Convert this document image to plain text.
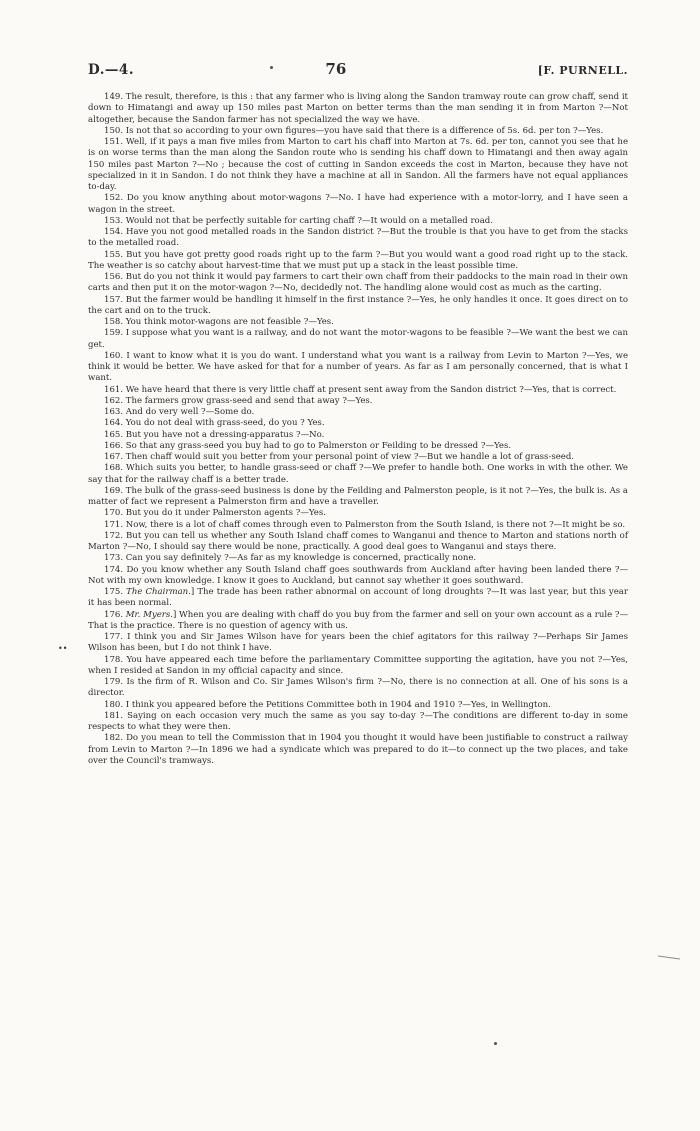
••
D.—4.	76	[F. PURNELL.

149. The result, therefore, is this : that any farmer who is living along the Sandon tramway route can grow chaff, send it down to Himatangi and away up 150 miles past Marton on better terms than the man sending it in from Marton ?—Not altogether, because the Sandon farmer has not specialized the way we have.

150. Is not that so according to your own figures—you have said that there is a difference of 5s. 6d. per ton ?—Yes.

151. Well, if it pays a man five miles from Marton to cart his chaff into Marton at 7s. 6d. per ton, cannot you see that he is on worse terms than the man along the Sandon route who is sending his chaff down to Himatangi and then away again 150 miles past Marton ?—No ; because the cost of cutting in Sandon exceeds the cost in Marton, because they have not specialized in it in Sandon. I do not think they have a machine at all in Sandon. All the farmers have not equal appliances to-day.

152. Do you know anything about motor-wagons ?—No. I have had experience with a motor-lorry, and I have seen a wagon in the street.

153. Would not that be perfectly suitable for carting chaff ?—It would on a metalled road.

154. Have you not good metalled roads in the Sandon district ?—But the trouble is that you have to get from the stacks to the metalled road.

155. But you have got pretty good roads right up to the farm ?—But you would want a good road right up to the stack. The weather is so catchy about harvest-time that we must put up a stack in the least possible time.

156. But do you not think it would pay farmers to cart their own chaff from their paddocks to the main road in their own carts and then put it on the motor-wagon ?—No, decidedly not. The handling alone would cost as much as the carting.

157. But the farmer would be handling it himself in the first instance ?—Yes, he only handles it once. It goes direct on to the cart and on to the truck.

158. You think motor-wagons are not feasible ?—Yes.

159. I suppose what you want is a railway, and do not want the motor-wagons to be feasible ?—We want the best we can get.

160. I want to know what it is you do want. I understand what you want is a railway from Levin to Marton ?—Yes, we think it would be better. We have asked for that for a number of years. As far as I am personally concerned, that is what I want.

161. We have heard that there is very little chaff at present sent away from the Sandon district ?—Yes, that is correct.

162. The farmers grow grass-seed and send that away ?—Yes.

163. And do very well ?—Some do.

164. You do not deal with grass-seed, do you ? Yes.

165. But you have not a dressing-apparatus ?—No.

166. So that any grass-seed you buy had to go to Palmerston or Feilding to be dressed ?—Yes.

167. Then chaff would suit you better from your personal point of view ?—But we handle a lot of grass-seed.

168. Which suits you better, to handle grass-seed or chaff ?—We prefer to handle both. One works in with the other. We say that for the railway chaff is a better trade.

169. The bulk of the grass-seed business is done by the Feilding and Palmerston people, is it not ?—Yes, the bulk is. As a matter of fact we represent a Palmerston firm and have a traveller.

170. But you do it under Palmerston agents ?—Yes.

171. Now, there is a lot of chaff comes through even to Palmerston from the South Island, is there not ?—It might be so.

172. But you can tell us whether any South Island chaff comes to Wanganui and thence to Marton and stations north of Marton ?—No, I should say there would be none, practically. A good deal goes to Wanganui and stays there.

173. Can you say definitely ?—As far as my knowledge is concerned, practically none.

174. Do you know whether any South Island chaff goes southwards from Auckland after having been landed there ?—Not with my own knowledge. I know it goes to Auckland, but cannot say whether it goes southward.

175. The Chairman.] The trade has been rather abnormal on account of long droughts ?—It was last year, but this year it has been normal.

176. Mr. Myers.] When you are dealing with chaff do you buy from the farmer and sell on your own account as a rule ?—That is the practice. There is no question of agency with us.

177. I think you and Sir James Wilson have for years been the chief agitators for this railway ?—Perhaps Sir James Wilson has been, but I do not think I have.

178. You have appeared each time before the parliamentary Committee supporting the agitation, have you not ?—Yes, when I resided at Sandon in my official capacity and since.

179. Is the firm of R. Wilson and Co. Sir James Wilson's firm ?—No, there is no connection at all. One of his sons is a director.

180. I think you appeared before the Petitions Committee both in 1904 and 1910 ?—Yes, in Wellington.

181. Saying on each occasion very much the same as you say to-day ?—The conditions are different to-day in some respects to what they were then.

182. Do you mean to tell the Commission that in 1904 you thought it would have been justifiable to construct a railway from Levin to Marton ?—In 1896 we had a syndicate which was prepared to do it—to connect up the two places, and take over the Council's tramways.
